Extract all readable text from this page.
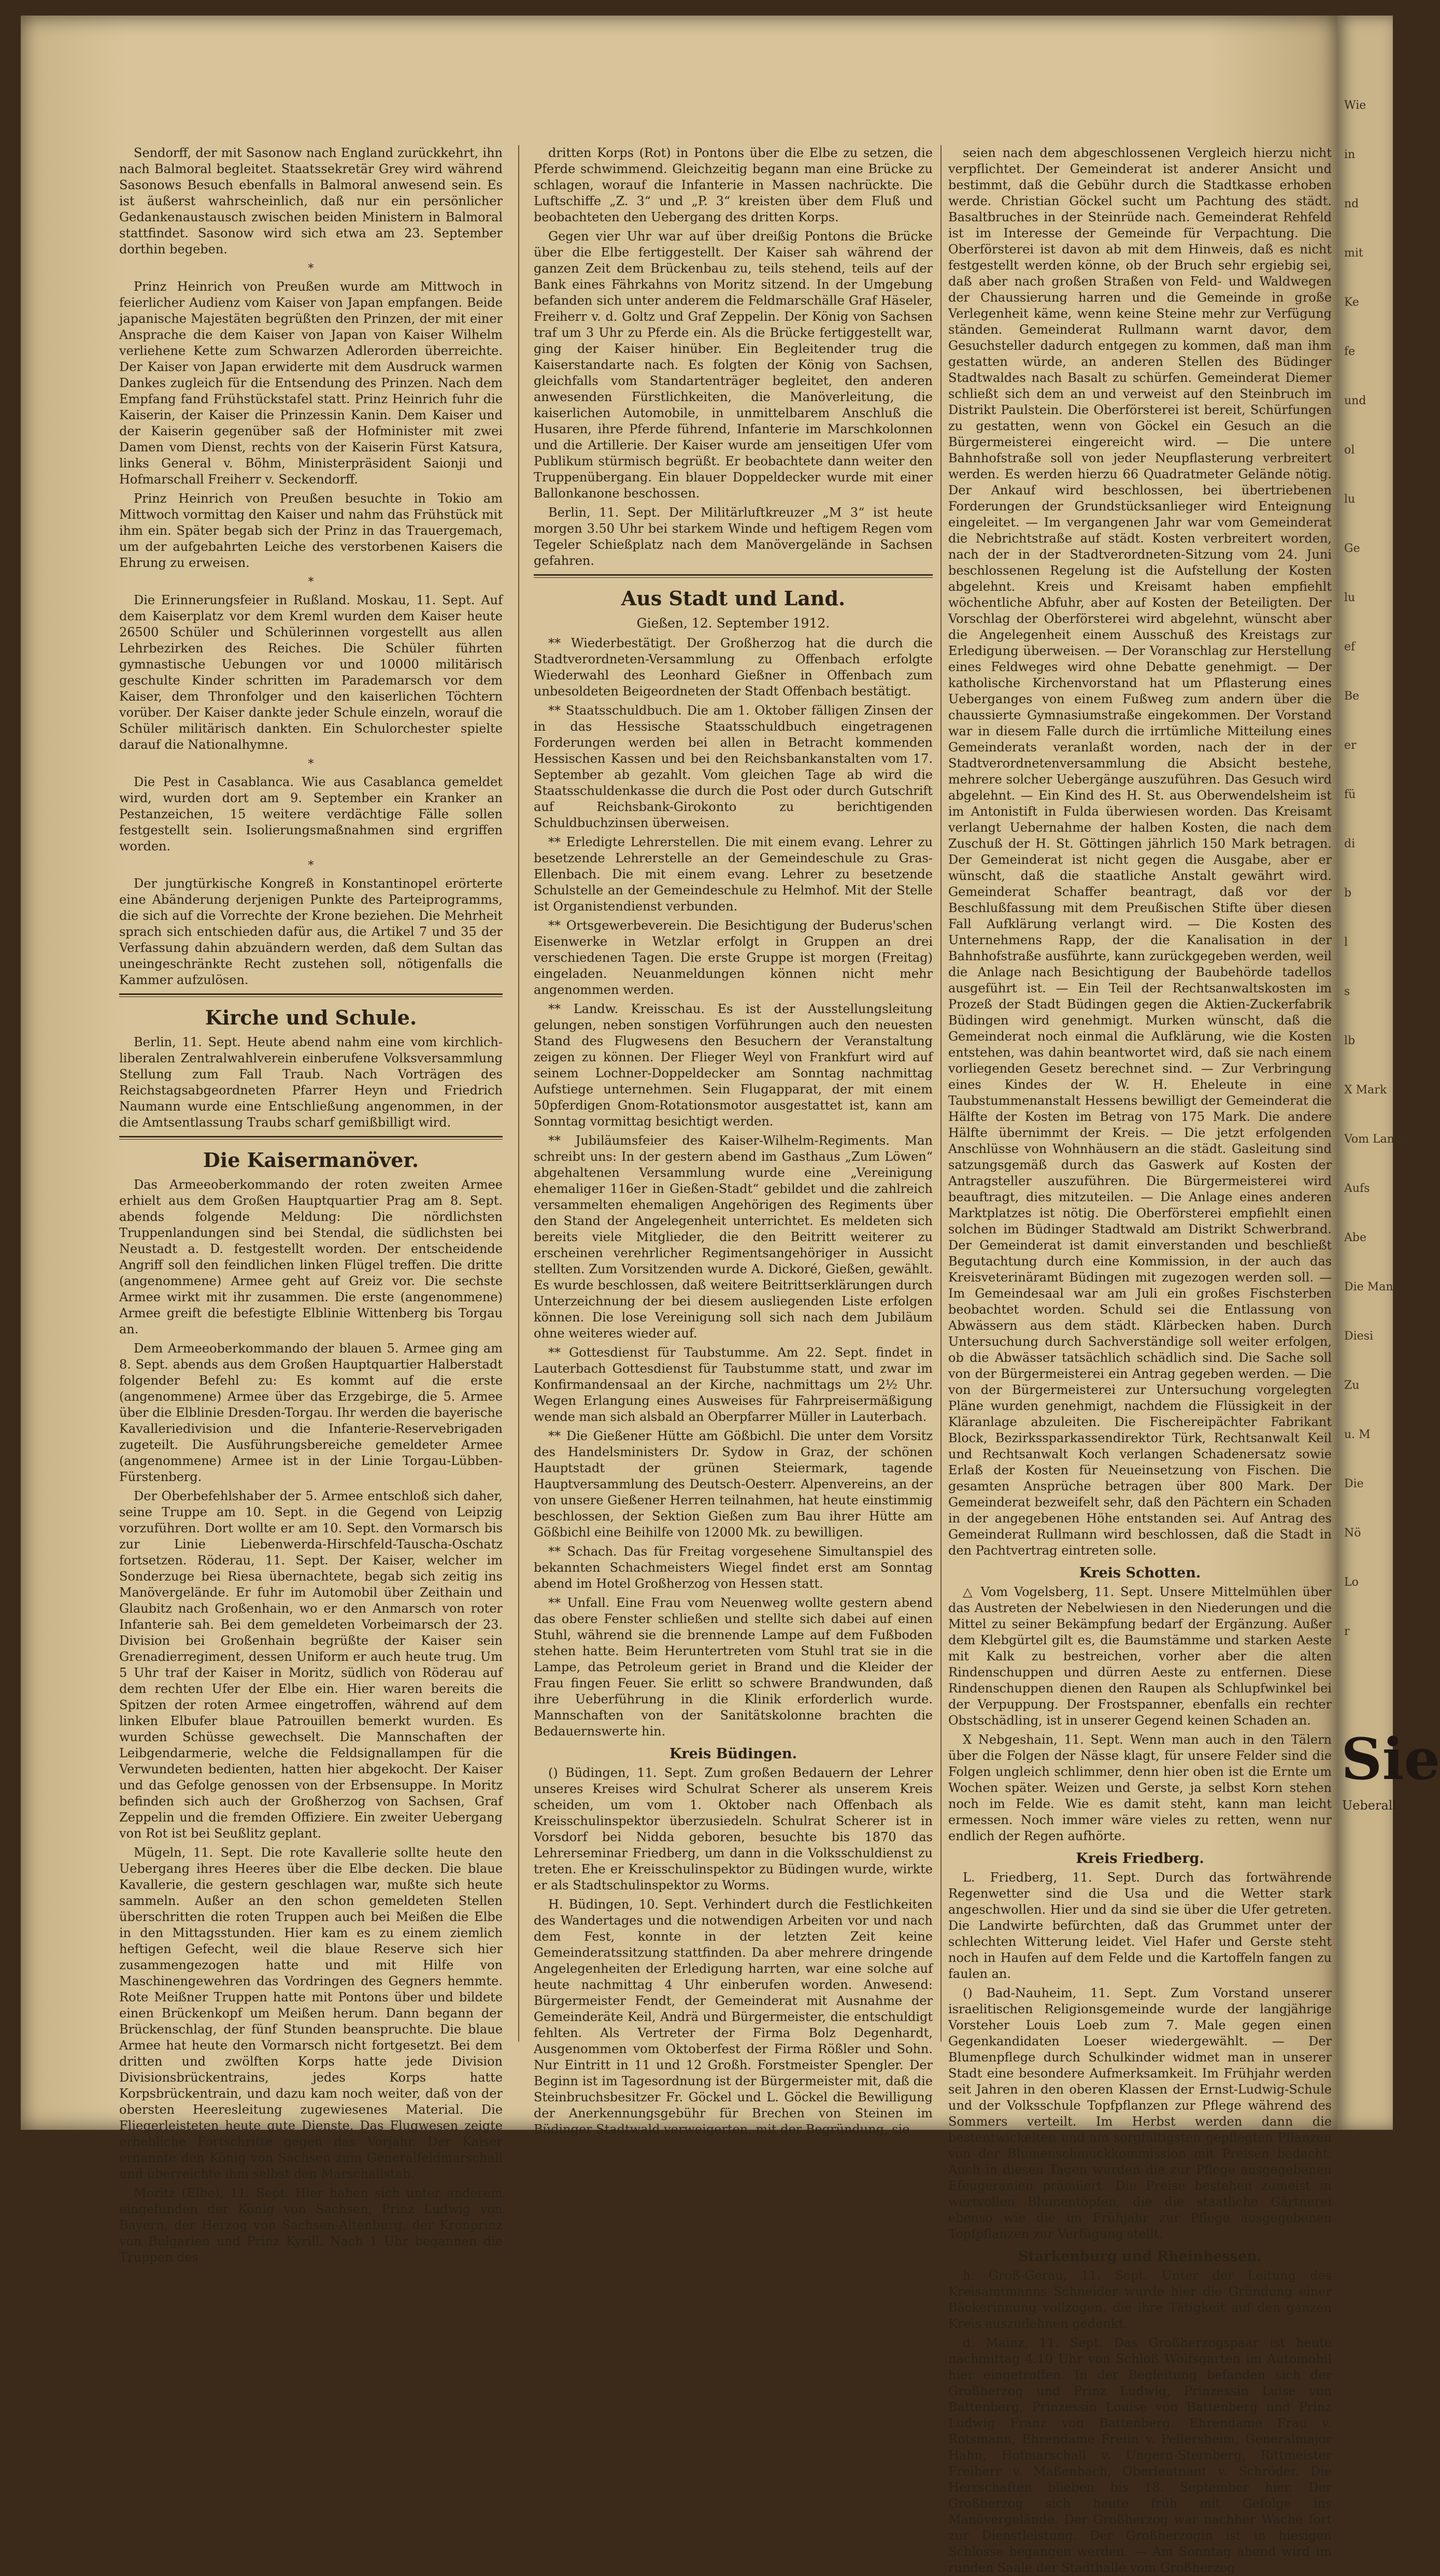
Sendorff, der mit Sasonow nach England zurückkehrt, ihn nach Balmoral begleitet. Staatssekretär Grey wird während Sasonows Besuch ebenfalls in Balmoral anwesend sein. Es ist äußerst wahrscheinlich, daß nur ein persönlicher Gedankenaustausch zwischen beiden Ministern in Balmoral stattfindet. Sasonow wird sich etwa am 23. September dorthin begeben.

*

Prinz Heinrich von Preußen wurde am Mittwoch in feierlicher Audienz vom Kaiser von Japan empfangen. Beide japanische Majestäten begrüßten den Prinzen, der mit einer Ansprache die dem Kaiser von Japan von Kaiser Wilhelm verliehene Kette zum Schwarzen Adlerorden überreichte. Der Kaiser von Japan erwiderte mit dem Ausdruck warmen Dankes zugleich für die Entsendung des Prinzen. Nach dem Empfang fand Frühstückstafel statt. Prinz Heinrich fuhr die Kaiserin, der Kaiser die Prinzessin Kanin. Dem Kaiser und der Kaiserin gegenüber saß der Hofminister mit zwei Damen vom Dienst, rechts von der Kaiserin Fürst Katsura, links General v. Böhm, Ministerpräsident Saionji und Hofmarschall Freiherr v. Seckendorff.

Prinz Heinrich von Preußen besuchte in Tokio am Mittwoch vormittag den Kaiser und nahm das Frühstück mit ihm ein. Später begab sich der Prinz in das Trauergemach, um der aufgebahrten Leiche des verstorbenen Kaisers die Ehrung zu erweisen.

*

Die Erinnerungsfeier in Rußland. Moskau, 11. Sept. Auf dem Kaiserplatz vor dem Kreml wurden dem Kaiser heute 26500 Schüler und Schülerinnen vorgestellt aus allen Lehrbezirken des Reiches. Die Schüler führten gymnastische Uebungen vor und 10000 militärisch geschulte Kinder schritten im Parademarsch vor dem Kaiser, dem Thronfolger und den kaiserlichen Töchtern vorüber. Der Kaiser dankte jeder Schule einzeln, worauf die Schüler militärisch dankten. Ein Schulorchester spielte darauf die Nationalhymne.

*

Die Pest in Casablanca. Wie aus Casablanca gemeldet wird, wurden dort am 9. September ein Kranker an Pestanzeichen, 15 weitere verdächtige Fälle sollen festgestellt sein. Isolierungsmaßnahmen sind ergriffen worden.

*

Der jungtürkische Kongreß in Konstantinopel erörterte eine Abänderung derjenigen Punkte des Parteiprogramms, die sich auf die Vorrechte der Krone beziehen. Die Mehrheit sprach sich entschieden dafür aus, die Artikel 7 und 35 der Verfassung dahin abzuändern werden, daß dem Sultan das uneingeschränkte Recht zustehen soll, nötigenfalls die Kammer aufzulösen.

Kirche und Schule.

Berlin, 11. Sept. Heute abend nahm eine vom kirchlich-liberalen Zentralwahlverein einberufene Volksversammlung Stellung zum Fall Traub. Nach Vorträgen des Reichstagsabgeordneten Pfarrer Heyn und Friedrich Naumann wurde eine Entschließung angenommen, in der die Amtsentlassung Traubs scharf gemißbilligt wird.

Die Kaisermanöver.

Das Armeeoberkommando der roten zweiten Armee erhielt aus dem Großen Hauptquartier Prag am 8. Sept. abends folgende Meldung: Die nördlichsten Truppenlandungen sind bei Stendal, die südlichsten bei Neustadt a. D. festgestellt worden. Der entscheidende Angriff soll den feindlichen linken Flügel treffen. Die dritte (angenommene) Armee geht auf Greiz vor. Die sechste Armee wirkt mit ihr zusammen. Die erste (angenommene) Armee greift die befestigte Elblinie Wittenberg bis Torgau an.

Dem Armeeoberkommando der blauen 5. Armee ging am 8. Sept. abends aus dem Großen Hauptquartier Halberstadt folgender Befehl zu: Es kommt auf die erste (angenommene) Armee über das Erzgebirge, die 5. Armee über die Elblinie Dresden-Torgau. Ihr werden die bayerische Kavalleriedivision und die Infanterie-Reservebrigaden zugeteilt. Die Ausführungsbereiche gemeldeter Armee (angenommene) Armee ist in der Linie Torgau-Lübben-Fürstenberg.

Der Oberbefehlshaber der 5. Armee entschloß sich daher, seine Truppe am 10. Sept. in die Gegend von Leipzig vorzuführen. Dort wollte er am 10. Sept. den Vormarsch bis zur Linie Liebenwerda-Hirschfeld-Tauscha-Oschatz fortsetzen. Röderau, 11. Sept. Der Kaiser, welcher im Sonderzuge bei Riesa übernachtete, begab sich zeitig ins Manövergelände. Er fuhr im Automobil über Zeithain und Glaubitz nach Großenhain, wo er den Anmarsch von roter Infanterie sah. Bei dem gemeldeten Vorbeimarsch der 23. Division bei Großenhain begrüßte der Kaiser sein Grenadierregiment, dessen Uniform er auch heute trug. Um 5 Uhr traf der Kaiser in Moritz, südlich von Röderau auf dem rechten Ufer der Elbe ein. Hier waren bereits die Spitzen der roten Armee eingetroffen, während auf dem linken Elbufer blaue Patrouillen bemerkt wurden. Es wurden Schüsse gewechselt. Die Mannschaften der Leibgendarmerie, welche die Feldsignallampen für die Verwundeten bedienten, hatten hier abgekocht. Der Kaiser und das Gefolge genossen von der Erbsensuppe. In Moritz befinden sich auch der Großherzog von Sachsen, Graf Zeppelin und die fremden Offiziere. Ein zweiter Uebergang von Rot ist bei Seußlitz geplant.

Mügeln, 11. Sept. Die rote Kavallerie sollte heute den Uebergang ihres Heeres über die Elbe decken. Die blaue Kavallerie, die gestern geschlagen war, mußte sich heute sammeln. Außer an den schon gemeldeten Stellen überschritten die roten Truppen auch bei Meißen die Elbe in den Mittagsstunden. Hier kam es zu einem ziemlich heftigen Gefecht, weil die blaue Reserve sich hier zusammengezogen hatte und mit Hilfe von Maschinengewehren das Vordringen des Gegners hemmte. Rote Meißner Truppen hatte mit Pontons über und bildete einen Brückenkopf um Meißen herum. Dann begann der Brückenschlag, der fünf Stunden beanspruchte. Die blaue Armee hat heute den Vormarsch nicht fortgesetzt. Bei dem dritten und zwölften Korps hatte jede Division Divisionsbrückentrains, jedes Korps hatte Korpsbrückentrain, und dazu kam noch weiter, daß von der obersten Heeresleitung zugewiesenes Material. Die Fliegerleisteten heute gute Dienste. Das Flugwesen zeigte erhebliche Fortschritte gegen das Vorjahr. Der Kaiser ernannte den König von Sachsen zum Generalfeldmarschall und überreichte ihm selbst den Marschallstab.

Moritz (Elbe), 11. Sept. Hier haben sich unter anderem eingefunden der König von Sachsen, Prinz Ludwig von Bayern, der Herzog von Sachsen-Altenburg, der Kronprinz von Bulgarien und Prinz Kyrill. Nach 1 Uhr begannen die Truppen des

dritten Korps (Rot) in Pontons über die Elbe zu setzen, die Pferde schwimmend. Gleichzeitig begann man eine Brücke zu schlagen, worauf die Infanterie in Massen nachrückte. Die Luftschiffe „Z. 3“ und „P. 3“ kreisten über dem Fluß und beobachteten den Uebergang des dritten Korps.

Gegen vier Uhr war auf über dreißig Pontons die Brücke über die Elbe fertiggestellt. Der Kaiser sah während der ganzen Zeit dem Brückenbau zu, teils stehend, teils auf der Bank eines Fährkahns von Moritz sitzend. In der Umgebung befanden sich unter anderem die Feldmarschälle Graf Häseler, Freiherr v. d. Goltz und Graf Zeppelin. Der König von Sachsen traf um 3 Uhr zu Pferde ein. Als die Brücke fertiggestellt war, ging der Kaiser hinüber. Ein Begleitender trug die Kaiserstandarte nach. Es folgten der König von Sachsen, gleichfalls vom Standartenträger begleitet, den anderen anwesenden Fürstlichkeiten, die Manöverleitung, die kaiserlichen Automobile, in unmittelbarem Anschluß die Husaren, ihre Pferde führend, Infanterie im Marschkolonnen und die Artillerie. Der Kaiser wurde am jenseitigen Ufer vom Publikum stürmisch begrüßt. Er beobachtete dann weiter den Truppenübergang. Ein blauer Doppeldecker wurde mit einer Ballonkanone beschossen.

Berlin, 11. Sept. Der Militärluftkreuzer „M 3“ ist heute morgen 3.50 Uhr bei starkem Winde und heftigem Regen vom Tegeler Schießplatz nach dem Manövergelände in Sachsen gefahren.

Aus Stadt und Land.
Gießen, 12. September 1912.

** Wiederbestätigt. Der Großherzog hat die durch die Stadtverordneten-Versammlung zu Offenbach erfolgte Wiederwahl des Leonhard Gießner in Offenbach zum unbesoldeten Beigeordneten der Stadt Offenbach bestätigt.

** Staatsschuldbuch. Die am 1. Oktober fälligen Zinsen der in das Hessische Staatsschuldbuch eingetragenen Forderungen werden bei allen in Betracht kommenden Hessischen Kassen und bei den Reichsbankanstalten vom 17. September ab gezahlt. Vom gleichen Tage ab wird die Staatsschuldenkasse die durch die Post oder durch Gutschrift auf Reichsbank-Girokonto zu berichtigenden Schuldbuchzinsen überweisen.

** Erledigte Lehrerstellen. Die mit einem evang. Lehrer zu besetzende Lehrerstelle an der Gemeindeschule zu Gras-Ellenbach. Die mit einem evang. Lehrer zu besetzende Schulstelle an der Gemeindeschule zu Helmhof. Mit der Stelle ist Organistendienst verbunden.

** Ortsgewerbeverein. Die Besichtigung der Buderus'schen Eisenwerke in Wetzlar erfolgt in Gruppen an drei verschiedenen Tagen. Die erste Gruppe ist morgen (Freitag) eingeladen. Neuanmeldungen können nicht mehr angenommen werden.

** Landw. Kreisschau. Es ist der Ausstellungsleitung gelungen, neben sonstigen Vorführungen auch den neuesten Stand des Flugwesens den Besuchern der Veranstaltung zeigen zu können. Der Flieger Weyl von Frankfurt wird auf seinem Lochner-Doppeldecker am Sonntag nachmittag Aufstiege unternehmen. Sein Flugapparat, der mit einem 50pferdigen Gnom-Rotationsmotor ausgestattet ist, kann am Sonntag vormittag besichtigt werden.

** Jubiläumsfeier des Kaiser-Wilhelm-Regiments. Man schreibt uns: In der gestern abend im Gasthaus „Zum Löwen“ abgehaltenen Versammlung wurde eine „Vereinigung ehemaliger 116er in Gießen-Stadt“ gebildet und die zahlreich versammelten ehemaligen Angehörigen des Regiments über den Stand der Angelegenheit unterrichtet. Es meldeten sich bereits viele Mitglieder, die den Beitritt weiterer zu erscheinen verehrlicher Regimentsangehöriger in Aussicht stellten. Zum Vorsitzenden wurde A. Dickoré, Gießen, gewählt. Es wurde beschlossen, daß weitere Beitrittserklärungen durch Unterzeichnung der bei diesem ausliegenden Liste erfolgen können. Die lose Vereinigung soll sich nach dem Jubiläum ohne weiteres wieder auf.

** Gottesdienst für Taubstumme. Am 22. Sept. findet in Lauterbach Gottesdienst für Taubstumme statt, und zwar im Konfirmandensaal an der Kirche, nachmittags um 2½ Uhr. Wegen Erlangung eines Ausweises für Fahrpreisermäßigung wende man sich alsbald an Oberpfarrer Müller in Lauterbach.

** Die Gießener Hütte am Gößbichl. Die unter dem Vorsitz des Handelsministers Dr. Sydow in Graz, der schönen Hauptstadt der grünen Steiermark, tagende Hauptversammlung des Deutsch-Oesterr. Alpenvereins, an der von unsere Gießener Herren teilnahmen, hat heute einstimmig beschlossen, der Sektion Gießen zum Bau ihrer Hütte am Gößbichl eine Beihilfe von 12000 Mk. zu bewilligen.

** Schach. Das für Freitag vorgesehene Simultanspiel des bekannten Schachmeisters Wiegel findet erst am Sonntag abend im Hotel Großherzog von Hessen statt.

** Unfall. Eine Frau vom Neuenweg wollte gestern abend das obere Fenster schließen und stellte sich dabei auf einen Stuhl, während sie die brennende Lampe auf dem Fußboden stehen hatte. Beim Heruntertreten vom Stuhl trat sie in die Lampe, das Petroleum geriet in Brand und die Kleider der Frau fingen Feuer. Sie erlitt so schwere Brandwunden, daß ihre Ueberführung in die Klinik erforderlich wurde. Mannschaften von der Sanitätskolonne brachten die Bedauernswerte hin.

Kreis Büdingen.

() Büdingen, 11. Sept. Zum großen Bedauern der Lehrer unseres Kreises wird Schulrat Scherer als unserem Kreis scheiden, um vom 1. Oktober nach Offenbach als Kreisschulinspektor überzusiedeln. Schulrat Scherer ist in Vorsdorf bei Nidda geboren, besuchte bis 1870 das Lehrerseminar Friedberg, um dann in die Volksschuldienst zu treten. Ehe er Kreisschulinspektor zu Büdingen wurde, wirkte er als Stadtschulinspektor zu Worms.

H. Büdingen, 10. Sept. Verhindert durch die Festlichkeiten des Wandertages und die notwendigen Arbeiten vor und nach dem Fest, konnte in der letzten Zeit keine Gemeinderatssitzung stattfinden. Da aber mehrere dringende Angelegenheiten der Erledigung harrten, war eine solche auf heute nachmittag 4 Uhr einberufen worden. Anwesend: Bürgermeister Fendt, der Gemeinderat mit Ausnahme der Gemeinderäte Keil, Andrä und Bürgermeister, die entschuldigt fehlten. Als Vertreter der Firma Bolz Degenhardt, Ausgenommen vom Oktoberfest der Firma Rößler und Sohn. Nur Eintritt in 11 und 12 Großh. Forstmeister Spengler. Der Beginn ist im Tagesordnung ist der Bürgermeister mit, daß die Steinbruchsbesitzer Fr. Göckel und L. Göckel die Bewilligung der Anerkennungsgebühr für Brechen von Steinen im Büdinger Stadtwald verweigerten, mit der Begründung, sie

seien nach dem abgeschlossenen Vergleich hierzu nicht verpflichtet. Der Gemeinderat ist anderer Ansicht und bestimmt, daß die Gebühr durch die Stadtkasse erhoben werde. Christian Göckel sucht um Pachtung des städt. Basaltbruches in der Steinrüde nach. Gemeinderat Rehfeld ist im Interesse der Gemeinde für Verpachtung. Die Oberförsterei ist davon ab mit dem Hinweis, daß es nicht festgestellt werden könne, ob der Bruch sehr ergiebig sei, daß aber nach großen Straßen von Feld- und Waldwegen der Chaussierung harren und die Gemeinde in große Verlegenheit käme, wenn keine Steine mehr zur Verfügung ständen. Gemeinderat Rullmann warnt davor, dem Gesuchsteller dadurch entgegen zu kommen, daß man ihm gestatten würde, an anderen Stellen des Büdinger Stadtwaldes nach Basalt zu schürfen. Gemeinderat Diemer schließt sich dem an und verweist auf den Steinbruch im Distrikt Paulstein. Die Oberförsterei ist bereit, Schürfungen zu gestatten, wenn von Göckel ein Gesuch an die Bürgermeisterei eingereicht wird. — Die untere Bahnhofstraße soll von jeder Neupflasterung verbreitert werden. Es werden hierzu 66 Quadratmeter Gelände nötig. Der Ankauf wird beschlossen, bei übertriebenen Forderungen der Grundstücksanlieger wird Enteignung eingeleitet. — Im vergangenen Jahr war vom Gemeinderat die Nebrichtstraße auf städt. Kosten verbreitert worden, nach der in der Stadtverordneten-Sitzung vom 24. Juni beschlossenen Regelung ist die Aufstellung der Kosten abgelehnt. Kreis und Kreisamt haben empfiehlt wöchentliche Abfuhr, aber auf Kosten der Beteiligten. Der Vorschlag der Oberförsterei wird abgelehnt, wünscht aber die Angelegenheit einem Ausschuß des Kreistags zur Erledigung überweisen. — Der Voranschlag zur Herstellung eines Feldweges wird ohne Debatte genehmigt. — Der katholische Kirchenvorstand hat um Pflasterung eines Ueberganges von einem Fußweg zum andern über die chaussierte Gymnasiumstraße eingekommen. Der Vorstand war in diesem Falle durch die irrtümliche Mitteilung eines Gemeinderats veranlaßt worden, nach der in der Stadtverordnetenversammlung die Absicht bestehe, mehrere solcher Uebergänge auszuführen. Das Gesuch wird abgelehnt. — Ein Kind des H. St. aus Oberwendelsheim ist im Antonistift in Fulda überwiesen worden. Das Kreisamt verlangt Uebernahme der halben Kosten, die nach dem Zuschuß der H. St. Göttingen jährlich 150 Mark betragen. Der Gemeinderat ist nicht gegen die Ausgabe, aber er wünscht, daß die staatliche Anstalt gewährt wird. Gemeinderat Schaffer beantragt, daß vor der Beschlußfassung mit dem Preußischen Stifte über diesen Fall Aufklärung verlangt wird. — Die Kosten des Unternehmens Rapp, der die Kanalisation in der Bahnhofstraße ausführte, kann zurückgegeben werden, weil die Anlage nach Besichtigung der Baubehörde tadellos ausgeführt ist. — Ein Teil der Rechtsanwaltskosten im Prozeß der Stadt Büdingen gegen die Aktien-Zuckerfabrik Büdingen wird genehmigt. Murken wünscht, daß die Gemeinderat noch einmal die Aufklärung, wie die Kosten entstehen, was dahin beantwortet wird, daß sie nach einem vorliegenden Gesetz berechnet sind. — Zur Verbringung eines Kindes der W. H. Eheleute in eine Taubstummenanstalt Hessens bewilligt der Gemeinderat die Hälfte der Kosten im Betrag von 175 Mark. Die andere Hälfte übernimmt der Kreis. — Die jetzt erfolgenden Anschlüsse von Wohnhäusern an die städt. Gasleitung sind satzungsgemäß durch das Gaswerk auf Kosten der Antragsteller auszuführen. Die Bürgermeisterei wird beauftragt, dies mitzuteilen. — Die Anlage eines anderen Marktplatzes ist nötig. Die Oberförsterei empfiehlt einen solchen im Büdinger Stadtwald am Distrikt Schwerbrand. Der Gemeinderat ist damit einverstanden und beschließt Begutachtung durch eine Kommission, in der auch das Kreisveterinäramt Büdingen mit zugezogen werden soll. — Im Gemeindesaal war am Juli ein großes Fischsterben beobachtet worden. Schuld sei die Entlassung von Abwässern aus dem städt. Klärbecken haben. Durch Untersuchung durch Sachverständige soll weiter erfolgen, ob die Abwässer tatsächlich schädlich sind. Die Sache soll von der Bürgermeisterei ein Antrag gegeben werden. — Die von der Bürgermeisterei zur Untersuchung vorgelegten Pläne wurden genehmigt, nachdem die Flüssigkeit in der Kläranlage abzuleiten. Die Fischereipächter Fabrikant Block, Bezirkssparkassendirektor Türk, Rechtsanwalt Keil und Rechtsanwalt Koch verlangen Schadenersatz sowie Erlaß der Kosten für Neueinsetzung von Fischen. Die gesamten Ansprüche betragen über 800 Mark. Der Gemeinderat bezweifelt sehr, daß den Pächtern ein Schaden in der angegebenen Höhe entstanden sei. Auf Antrag des Gemeinderat Rullmann wird beschlossen, daß die Stadt in den Pachtvertrag eintreten solle.

Kreis Schotten.

△ Vom Vogelsberg, 11. Sept. Unsere Mittelmühlen über das Austreten der Nebelwiesen in den Niederungen und die Mittel zu seiner Bekämpfung bedarf der Ergänzung. Außer dem Klebgürtel gilt es, die Baumstämme und starken Aeste mit Kalk zu bestreichen, vorher aber die alten Rindenschuppen und dürren Aeste zu entfernen. Diese Rindenschuppen dienen den Raupen als Schlupfwinkel bei der Verpuppung. Der Frostspanner, ebenfalls ein rechter Obstschädling, ist in unserer Gegend keinen Schaden an.

X Nebgeshain, 11. Sept. Wenn man auch in den Tälern über die Folgen der Nässe klagt, für unsere Felder sind die Folgen ungleich schlimmer, denn hier oben ist die Ernte um Wochen später. Weizen und Gerste, ja selbst Korn stehen noch im Felde. Wie es damit steht, kann man leicht ermessen. Noch immer wäre vieles zu retten, wenn nur endlich der Regen aufhörte.

Kreis Friedberg.

L. Friedberg, 11. Sept. Durch das fortwährende Regenwetter sind die Usa und die Wetter stark angeschwollen. Hier und da sind sie über die Ufer getreten. Die Landwirte befürchten, daß das Grummet unter der schlechten Witterung leidet. Viel Hafer und Gerste steht noch in Haufen auf dem Felde und die Kartoffeln fangen zu faulen an.

() Bad-Nauheim, 11. Sept. Zum Vorstand unserer israelitischen Religionsgemeinde wurde der langjährige Vorsteher Louis Loeb zum 7. Male gegen einen Gegenkandidaten Loeser wiedergewählt. — Der Blumenpflege durch Schulkinder widmet man in unserer Stadt eine besondere Aufmerksamkeit. Im Frühjahr werden seit Jahren in den oberen Klassen der Ernst-Ludwig-Schule und der Volksschule Topfpflanzen zur Pflege während des Sommers verteilt. Im Herbst werden dann die bestentwickelten und am sorgfältigsten gepflegten Pflanzen von der Blumenschmuckkommission mit Preisen bedacht. Auch in diesen Tagen wurden die zur Pflege ausgegebenen Efeugeranien prämiiert. Die Preise bestehen zumeist in wertvollen Blumentöpfen, die die staatliche Gärtnerei ebenso wie die im Frühjahr zur Pflege ausgegebenen Topfpflanzen zur Verfügung stellt.

Starkenburg und Rheinhessen.

h. Groß-Gerau, 11. Sept. Unter der Leitung des Kreisamtmanns Schneider wurde hier die Gründung einer Bäckerinnung vollzogen, die ihre Tätigkeit auf den ganzen Kreis auszudehnen gedenkt.

d. Mainz, 11. Sept. Das Großherzogspaar ist heute nachmittag 4.10 Uhr von Schloß Wolfsgarten im Automobil hier eingetroffen. In der Begleitung befanden sich der Großherzog und Prinz Ludwig, Prinzessin Luise von Battenberg, Prinzessin Louise von Battenberg und Prinz Ludwig Franz von Battenberg. Ehrendame Frau v. Rotsmann, Ehrendame Freiin v. Pellersheim, Generalmajor Hahn, Hofmarschall v. Ungern-Sternberg, Rittmeister Freiherr v. Maßenbach, Oberleutnant v. Schröder. Die Herrschaften blieben bis 18. September hier. Der Großherzog sich heute früh mit Gefolge ins Manövergelände. Der Großherzog war nachher Wache fort zur Dienstleistung. Der Großherzogin ist in hiesigen Schlosse begangen werden. — Am Sonntag abend wird im runden Saale der Stadthalle vom Großherzog

Wie
in
nd
mit
Ke
fe
und
ol
lu
Ge
lu
ef
Be
er
fü
di
b
l
s
lb
X Mark
Vom Lands
Aufs
Abe
Die Manö
Diesi
Zu
u. M
Die
Nö
Lo
r
Sie
Ueberall
